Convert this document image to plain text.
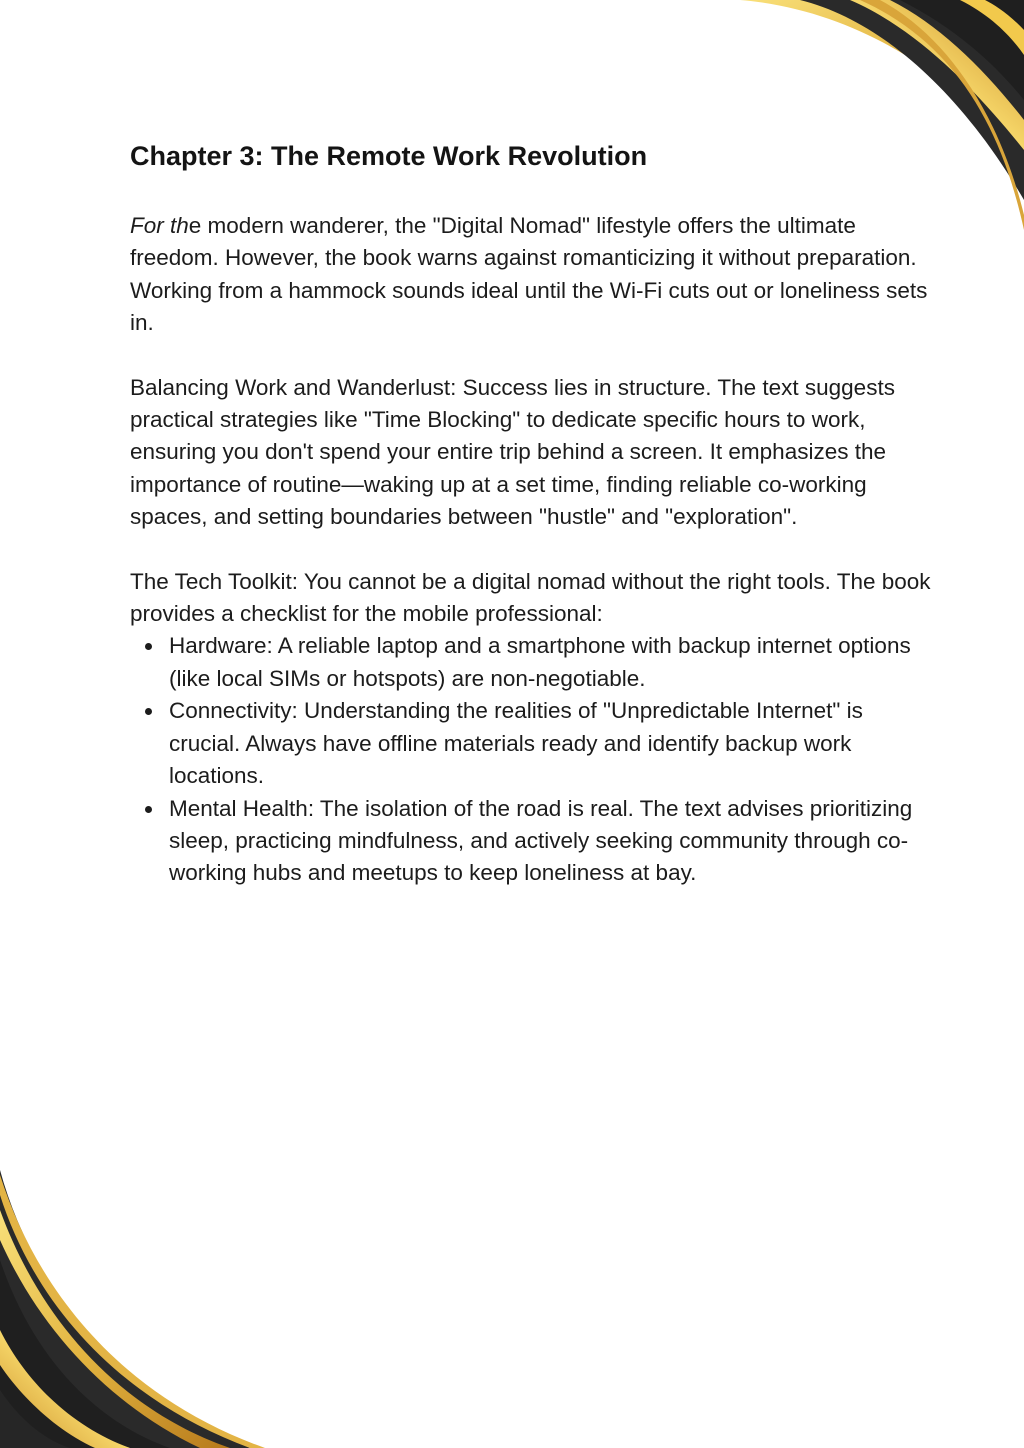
Chapter 3: The Remote Work Revolution

For the modern wanderer, the "Digital Nomad" lifestyle offers the ultimate freedom. However, the book warns against romanticizing it without preparation. Working from a hammock sounds ideal until the Wi-Fi cuts out or loneliness sets in.

Balancing Work and Wanderlust: Success lies in structure. The text suggests practical strategies like "Time Blocking" to dedicate specific hours to work, ensuring you don't spend your entire trip behind a screen. It emphasizes the importance of routine—waking up at a set time, finding reliable co-working spaces, and setting boundaries between "hustle" and "exploration".

The Tech Toolkit: You cannot be a digital nomad without the right tools. The book provides a checklist for the mobile professional:

Hardware: A reliable laptop and a smartphone with backup internet options (like local SIMs or hotspots) are non-negotiable.
Connectivity: Understanding the realities of "Unpredictable Internet" is crucial. Always have offline materials ready and identify backup work locations.
Mental Health: The isolation of the road is real. The text advises prioritizing sleep, practicing mindfulness, and actively seeking community through co-working hubs and meetups to keep loneliness at bay.
